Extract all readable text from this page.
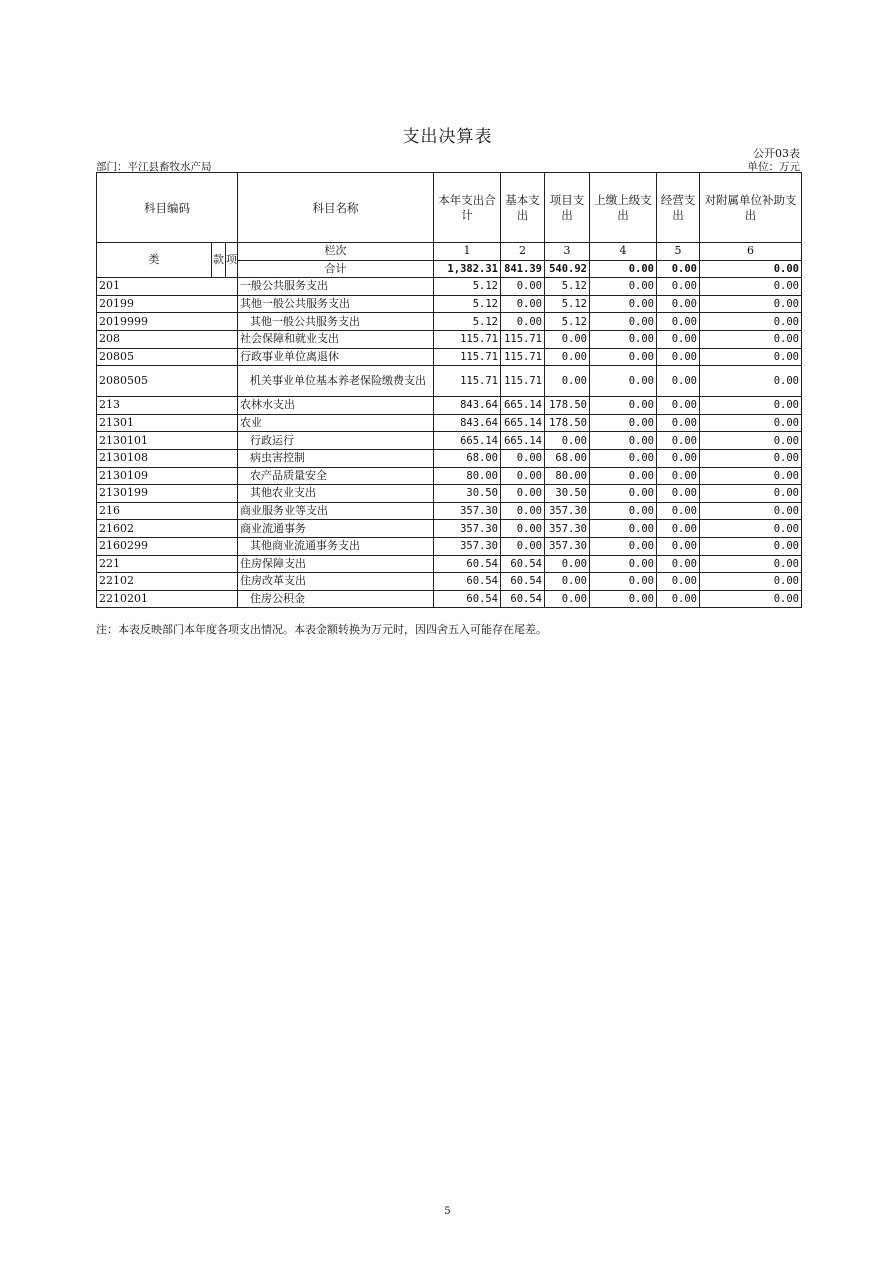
支出决算表
公开03表
部门：平江县畜牧水产局	单位：万元
科目编码			科目名称	本年支出合计	基本支出	项目支出	上缴上级支出	经营支出	对附属单位补助支出
类	款	项	栏次	1	2	3	4	5	6
			合计	1,382.31	841.39	540.92	0.00	0.00	0.00
201			一般公共服务支出	5.12	0.00	5.12	0.00	0.00	0.00
20199			其他一般公共服务支出	5.12	0.00	5.12	0.00	0.00	0.00
2019999			其他一般公共服务支出	5.12	0.00	5.12	0.00	0.00	0.00
208			社会保障和就业支出	115.71	115.71	0.00	0.00	0.00	0.00
20805			行政事业单位离退休	115.71	115.71	0.00	0.00	0.00	0.00
2080505			机关事业单位基本养老保险缴费支出	115.71	115.71	0.00	0.00	0.00	0.00
213			农林水支出	843.64	665.14	178.50	0.00	0.00	0.00
21301			农业	843.64	665.14	178.50	0.00	0.00	0.00
2130101			行政运行	665.14	665.14	0.00	0.00	0.00	0.00
2130108			病虫害控制	68.00	0.00	68.00	0.00	0.00	0.00
2130109			农产品质量安全	80.00	0.00	80.00	0.00	0.00	0.00
2130199			其他农业支出	30.50	0.00	30.50	0.00	0.00	0.00
216			商业服务业等支出	357.30	0.00	357.30	0.00	0.00	0.00
21602			商业流通事务	357.30	0.00	357.30	0.00	0.00	0.00
2160299			其他商业流通事务支出	357.30	0.00	357.30	0.00	0.00	0.00
221			住房保障支出	60.54	60.54	0.00	0.00	0.00	0.00
22102			住房改革支出	60.54	60.54	0.00	0.00	0.00	0.00
2210201			住房公积金	60.54	60.54	0.00	0.00	0.00	0.00
注：本表反映部门本年度各项支出情况。本表金额转换为万元时，因四舍五入可能存在尾差。
5
